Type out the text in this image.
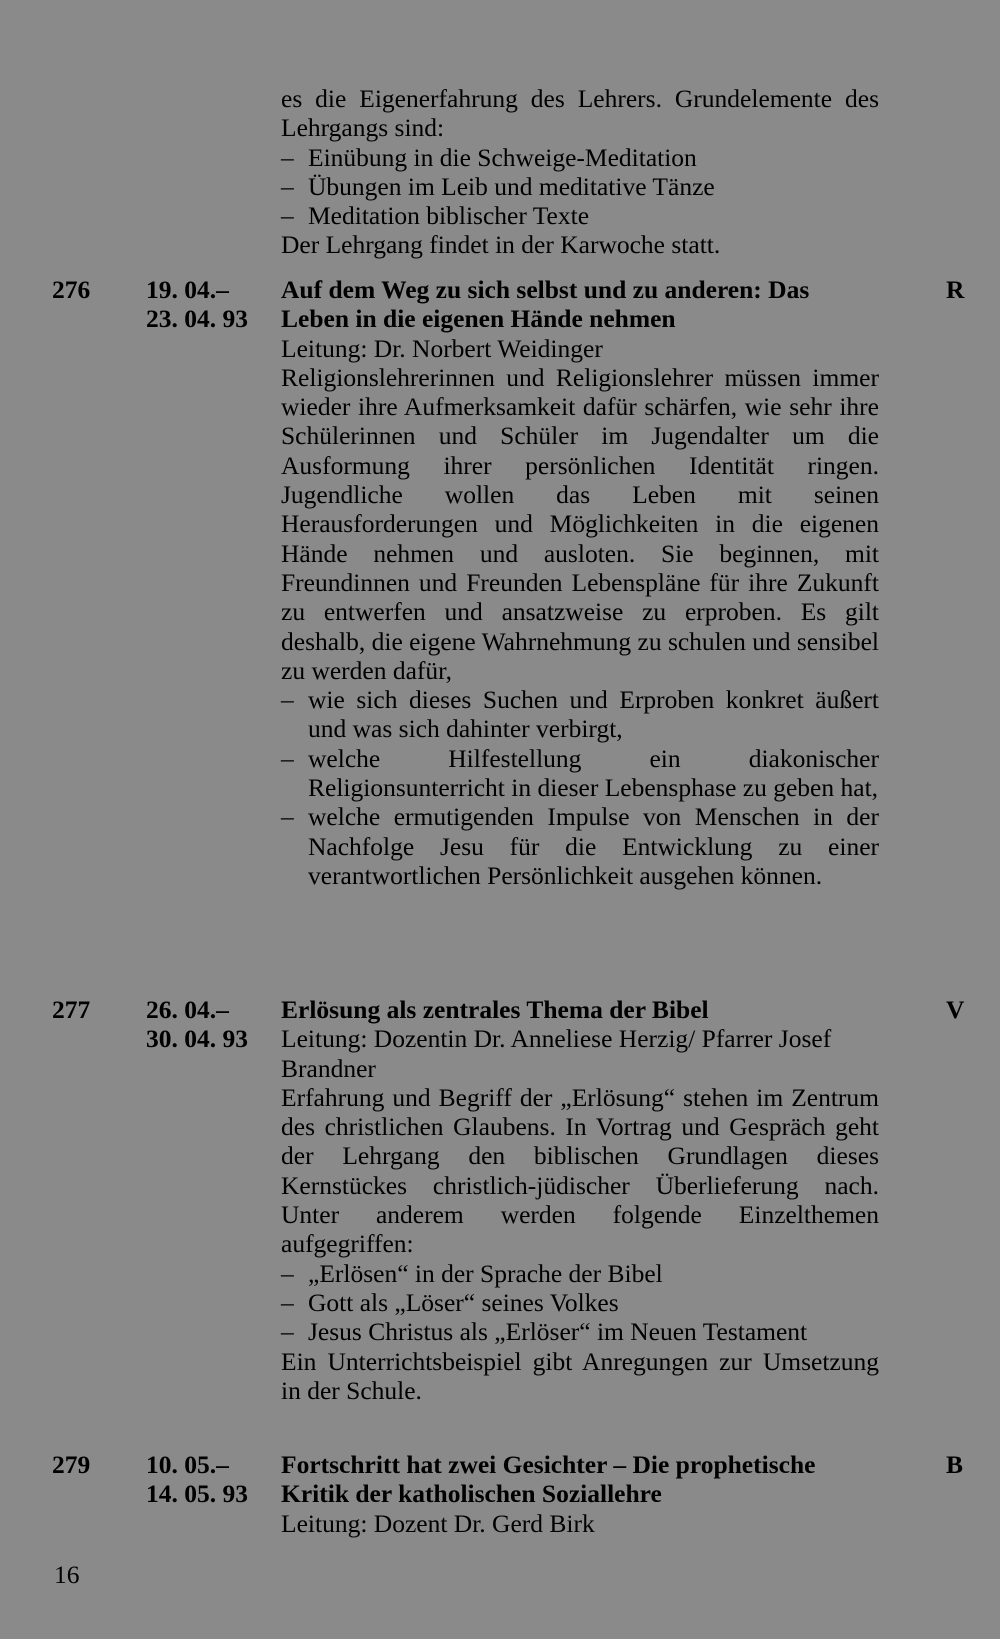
es die Eigenerfahrung des Lehrers. Grundelemente des Lehrgangs sind:

– Einübung in die Schweige-Meditation
– Übungen im Leib und meditative Tänze
– Meditation biblischer Texte

Der Lehrgang findet in der Karwoche statt.

276 19. 04.–
23. 04. 93
R

Auf dem Weg zu sich selbst und zu anderen: Das Leben in die eigenen Hände nehmen

Leitung: Dr. Norbert Weidinger

Religionslehrerinnen und Religionslehrer müssen immer wieder ihre Aufmerksamkeit dafür schärfen, wie sehr ihre Schülerinnen und Schüler im Jugendalter um die Ausformung ihrer persönlichen Identität ringen. Jugendliche wollen das Leben mit seinen Herausforderungen und Möglichkeiten in die eigenen Hände nehmen und ausloten. Sie beginnen, mit Freundinnen und Freunden Lebenspläne für ihre Zukunft zu entwerfen und ansatzweise zu erproben. Es gilt deshalb, die eigene Wahrnehmung zu schulen und sensibel zu werden dafür,

– wie sich dieses Suchen und Erproben konkret äußert und was sich dahinter verbirgt,
– welche Hilfestellung ein diakonischer Religionsunterricht in dieser Lebensphase zu geben hat,
– welche ermutigenden Impulse von Menschen in der Nachfolge Jesu für die Entwicklung zu einer verantwortlichen Persönlichkeit ausgehen können.
277 26. 04.–
30. 04. 93
V

Erlösung als zentrales Thema der Bibel

Leitung: Dozentin Dr. Anneliese Herzig/ Pfarrer Josef Brandner

Erfahrung und Begriff der „Erlösung“ stehen im Zentrum des christlichen Glaubens. In Vortrag und Gespräch geht der Lehrgang den biblischen Grundlagen dieses Kernstückes christlich-jüdischer Überlieferung nach. Unter anderem werden folgende Einzelthemen aufgegriffen:

– „Erlösen“ in der Sprache der Bibel
– Gott als „Löser“ seines Volkes
– Jesus Christus als „Erlöser“ im Neuen Testament

Ein Unterrichtsbeispiel gibt Anregungen zur Umsetzung in der Schule.

279 10. 05.–
14. 05. 93
B

Fortschritt hat zwei Gesichter – Die prophetische Kritik der katholischen Soziallehre

Leitung: Dozent Dr. Gerd Birk

16
